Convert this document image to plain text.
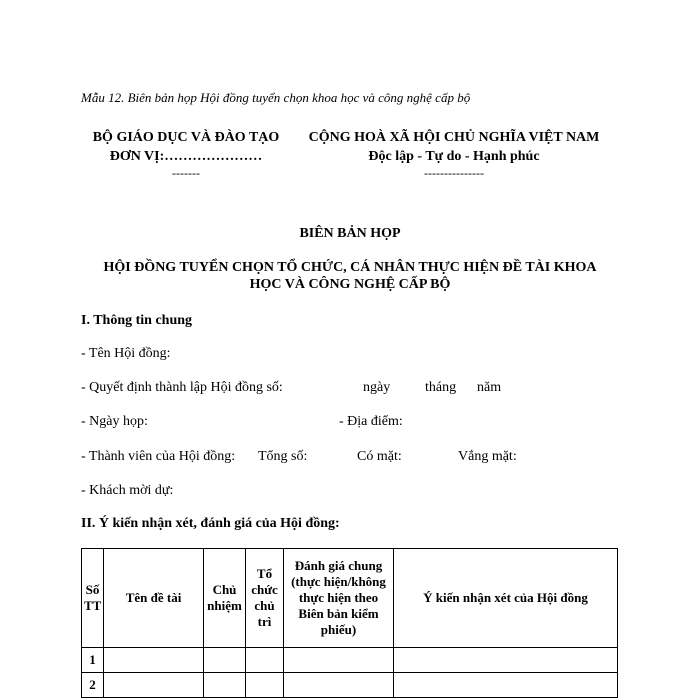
Mẫu 12. Biên bản họp Hội đồng tuyển chọn khoa học và công nghệ cấp bộ
BỘ GIÁO DỤC VÀ ĐÀO TẠO
ĐƠN VỊ:…………………
-------
CỘNG HOÀ XÃ HỘI CHỦ NGHĨA VIỆT NAM
Độc lập - Tự do - Hạnh phúc
---------------
BIÊN BẢN HỌP
HỘI ĐỒNG TUYỂN CHỌN TỔ CHỨC, CÁ NHÂN THỰC HIỆN ĐỀ TÀI KHOA
HỌC VÀ CÔNG NGHỆ CẤP BỘ
I. Thông tin chung
- Tên Hội đồng:
- Quyết định thành lập Hội đồng số:	ngày tháng năm
- Ngày họp:	- Địa điểm:
- Thành viên của Hội đồng: Tổng số:	Có mặt:	Vắng mặt:
- Khách mời dự:
II. Ý kiến nhận xét, đánh giá của Hội đồng:
Số TT	Tên đề tài	Chủ nhiệm	Tổ chức chủ trì	Đánh giá chung (thực hiện/không thực hiện theo Biên bản kiểm phiếu)	Ý kiến nhận xét của Hội đồng
1					
2					
